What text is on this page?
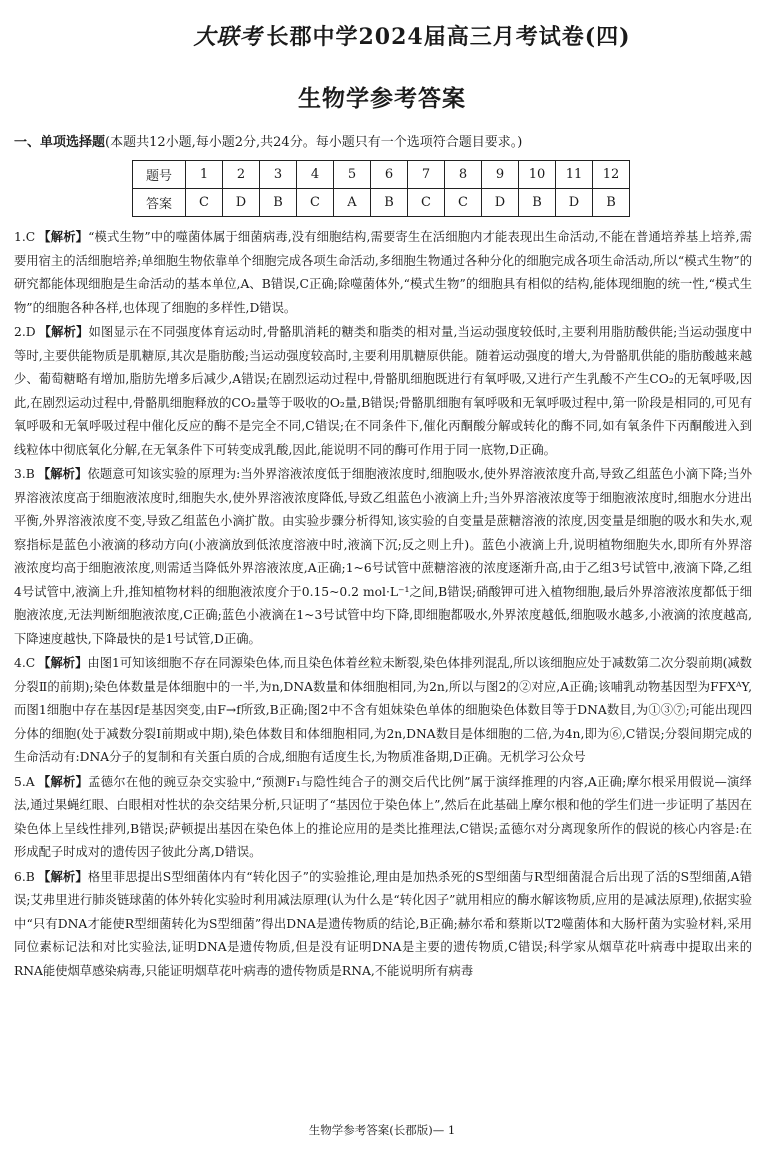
大联考 长郡中学2024届高三月考试卷(四)
生物学参考答案
一、单项选择题(本题共12小题,每小题2分,共24分。每小题只有一个选项符合题目要求。)
题号	1	2	3	4	5	6	7	8	9	10	11	12
答案	C	D	B	C	A	B	C	C	D	B	D	B
1.C 【解析】“模式生物”中的噬菌体属于细菌病毒,没有细胞结构,需要寄生在活细胞内才能表现出生命活动,不能在普通培养基上培养,需要用宿主的活细胞培养;单细胞生物依靠单个细胞完成各项生命活动,多细胞生物通过各种分化的细胞完成各项生命活动,所以“模式生物”的研究都能体现细胞是生命活动的基本单位,A、B错误,C正确;除噬菌体外,“模式生物”的细胞具有相似的结构,能体现细胞的统一性,“模式生物”的细胞各种各样,也体现了细胞的多样性,D错误。
2.D 【解析】如图显示在不同强度体育运动时,骨骼肌消耗的糖类和脂类的相对量,当运动强度较低时,主要利用脂肪酸供能;当运动强度中等时,主要供能物质是肌糖原,其次是脂肪酸;当运动强度较高时,主要利用肌糖原供能。随着运动强度的增大,为骨骼肌供能的脂肪酸越来越少、葡萄糖略有增加,脂肪先增多后减少,A错误;在剧烈运动过程中,骨骼肌细胞既进行有氧呼吸,又进行产生乳酸不产生CO₂的无氧呼吸,因此,在剧烈运动过程中,骨骼肌细胞释放的CO₂量等于吸收的O₂量,B错误;骨骼肌细胞有氧呼吸和无氧呼吸过程中,第一阶段是相同的,可见有氧呼吸和无氧呼吸过程中催化反应的酶不是完全不同,C错误;在不同条件下,催化丙酮酸分解或转化的酶不同,如有氧条件下丙酮酸进入到线粒体中彻底氧化分解,在无氧条件下可转变成乳酸,因此,能说明不同的酶可作用于同一底物,D正确。
3.B 【解析】依题意可知该实验的原理为:当外界溶液浓度低于细胞液浓度时,细胞吸水,使外界溶液浓度升高,导致乙组蓝色小滴下降;当外界溶液浓度高于细胞液浓度时,细胞失水,使外界溶液浓度降低,导致乙组蓝色小液滴上升;当外界溶液浓度等于细胞液浓度时,细胞水分进出平衡,外界溶液浓度不变,导致乙组蓝色小滴扩散。由实验步骤分析得知,该实验的自变量是蔗糖溶液的浓度,因变量是细胞的吸水和失水,观察指标是蓝色小液滴的移动方向(小液滴放到低浓度溶液中时,液滴下沉;反之则上升)。蓝色小液滴上升,说明植物细胞失水,即所有外界溶液浓度均高于细胞液浓度,则需适当降低外界溶液浓度,A正确;1~6号试管中蔗糖溶液的浓度逐渐升高,由于乙组3号试管中,液滴下降,乙组4号试管中,液滴上升,推知植物材料的细胞液浓度介于0.15~0.2 mol·L⁻¹之间,B错误;硝酸钾可进入植物细胞,最后外界溶液浓度都低于细胞液浓度,无法判断细胞液浓度,C正确;蓝色小液滴在1~3号试管中均下降,即细胞都吸水,外界浓度越低,细胞吸水越多,小液滴的浓度越高,下降速度越快,下降最快的是1号试管,D正确。
4.C 【解析】由图1可知该细胞不存在同源染色体,而且染色体着丝粒未断裂,染色体排列混乱,所以该细胞应处于减数第二次分裂前期(减数分裂Ⅱ的前期);染色体数量是体细胞中的一半,为n,DNA数量和体细胞相同,为2n,所以与图2的②对应,A正确;该哺乳动物基因型为FFXᴬY,而图1细胞中存在基因f是基因突变,由F→f所致,B正确;图2中不含有姐妹染色单体的细胞染色体数目等于DNA数目,为①③⑦;可能出现四分体的细胞(处于减数分裂Ⅰ前期或中期),染色体数目和体细胞相同,为2n,DNA数目是体细胞的二倍,为4n,即为⑥,C错误;分裂间期完成的生命活动有:DNA分子的复制和有关蛋白质的合成,细胞有适度生长,为物质准备期,D正确。无机学习公众号
5.A 【解析】孟德尔在他的豌豆杂交实验中,“预测F₁与隐性纯合子的测交后代比例”属于演绎推理的内容,A正确;摩尔根采用假说—演绎法,通过果蝇红眼、白眼相对性状的杂交结果分析,只证明了“基因位于染色体上”,然后在此基础上摩尔根和他的学生们进一步证明了基因在染色体上呈线性排列,B错误;萨顿提出基因在染色体上的推论应用的是类比推理法,C错误;孟德尔对分离现象所作的假说的核心内容是:在形成配子时成对的遗传因子彼此分离,D错误。
6.B 【解析】格里菲思提出S型细菌体内有“转化因子”的实验推论,理由是加热杀死的S型细菌与R型细菌混合后出现了活的S型细菌,A错误;艾弗里进行肺炎链球菌的体外转化实验时利用减法原理(认为什么是“转化因子”就用相应的酶水解该物质,应用的是减法原理),依据实验中“只有DNA才能使R型细菌转化为S型细菌”得出DNA是遗传物质的结论,B正确;赫尔希和蔡斯以T2噬菌体和大肠杆菌为实验材料,采用同位素标记法和对比实验法,证明DNA是遗传物质,但是没有证明DNA是主要的遗传物质,C错误;科学家从烟草花叶病毒中提取出来的RNA能使烟草感染病毒,只能证明烟草花叶病毒的遗传物质是RNA,不能说明所有病毒
生物学参考答案(长郡版)— 1
